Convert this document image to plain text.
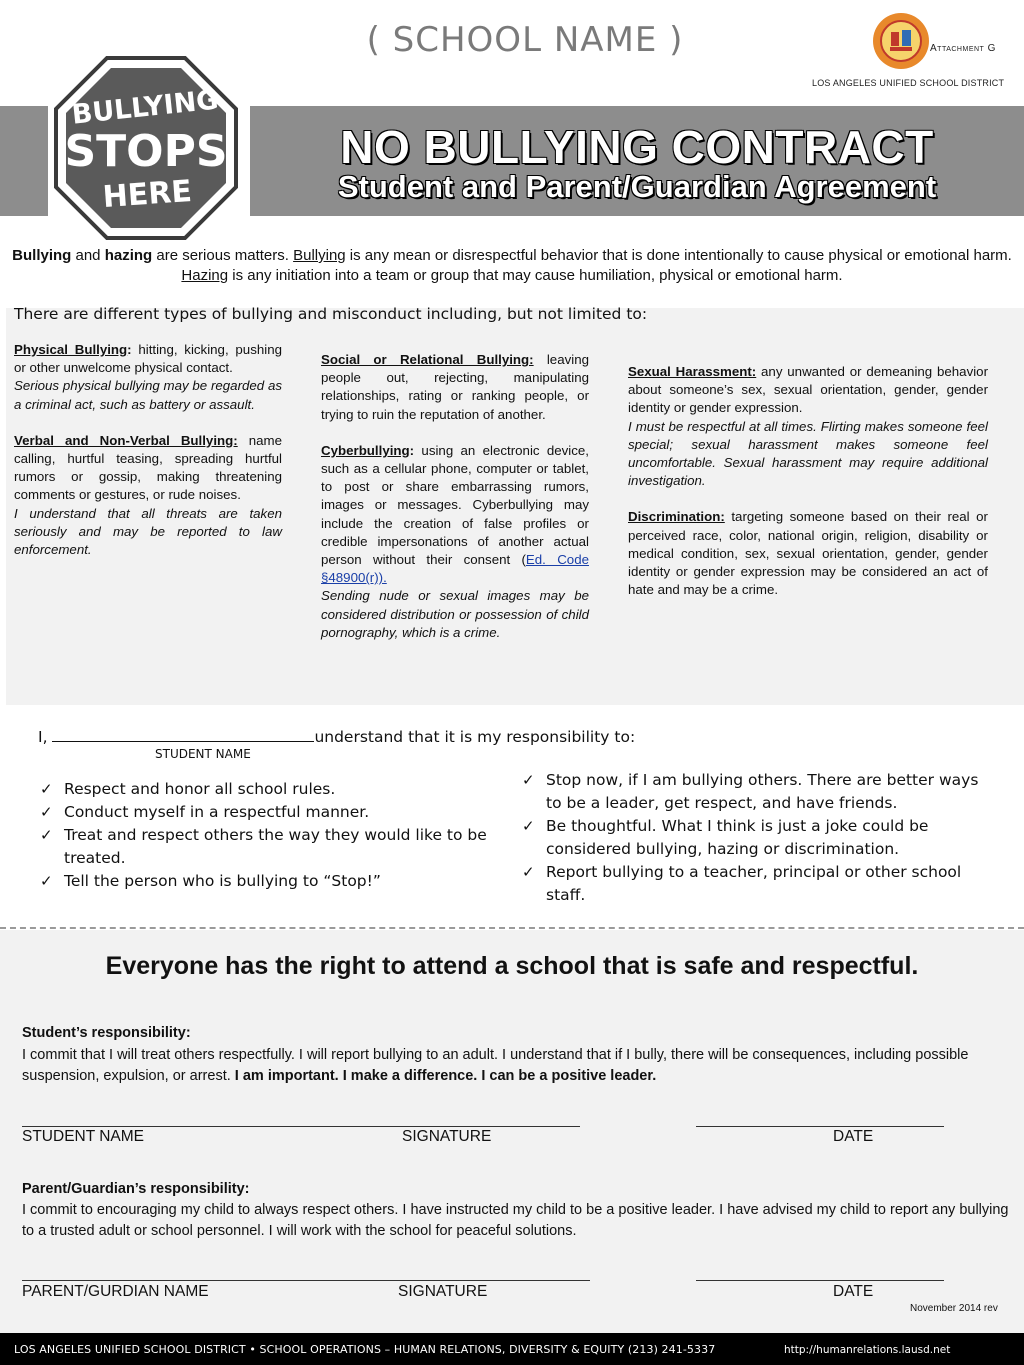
( SCHOOL NAME )	Attachment G
LOS ANGELES UNIFIED SCHOOL DISTRICT
BULLYING
STOPS
HERE
NO BULLYING CONTRACT
Student and Parent/Guardian Agreement
Bullying and hazing are serious matters. Bullying is any mean or disrespectful behavior that is done intentionally to cause physical or emotional harm. Hazing is any initiation into a team or group that may cause humiliation, physical or emotional harm.
There are different types of bullying and misconduct including, but not limited to:
Physical Bullying: hitting, kicking, pushing or other unwelcome physical contact.
Serious physical bullying may be regarded as a criminal act, such as battery or assault.
Verbal and Non-Verbal Bullying: name calling, hurtful teasing, spreading hurtful rumors or gossip, making threatening comments or gestures, or rude noises.
I understand that all threats are taken seriously and may be reported to law enforcement.
Social or Relational Bullying: leaving people out, rejecting, manipulating relationships, rating or ranking people, or trying to ruin the reputation of another.
Cyberbullying: using an electronic device, such as a cellular phone, computer or tablet, to post or share embarrassing rumors, images or messages. Cyberbullying may include the creation of false profiles or credible impersonations of another actual person without their consent (Ed. Code §48900(r)).
Sending nude or sexual images may be considered distribution or possession of child pornography, which is a crime.
Sexual Harassment: any unwanted or demeaning behavior about someone’s sex, sexual orientation, gender, gender identity or gender expression.
I must be respectful at all times. Flirting makes someone feel special; sexual harassment makes someone feel uncomfortable. Sexual harassment may require additional investigation.
Discrimination: targeting someone based on their real or perceived race, color, national origin, religion, disability or medical condition, sex, sexual orientation, gender, gender identity or gender expression may be considered an act of hate and may be a crime.
I,	understand that it is my responsibility to:
STUDENT NAME
✓ Respect and honor all school rules.
✓ Conduct myself in a respectful manner.
✓ Treat and respect others the way they would like to be treated.
✓ Tell the person who is bullying to “Stop!”
✓ Stop now, if I am bullying others. There are better ways to be a leader, get respect, and have friends.
✓ Be thoughtful. What I think is just a joke could be considered bullying, hazing or discrimination.
✓ Report bullying to a teacher, principal or other school staff.
Everyone has the right to attend a school that is safe and respectful.
Student’s responsibility:
I commit that I will treat others respectfully. I will report bullying to an adult. I understand that if I bully, there will be consequences, including possible suspension, expulsion, or arrest. I am important. I make a difference. I can be a positive leader.
STUDENT NAME	SIGNATURE	DATE
Parent/Guardian’s responsibility:
I commit to encouraging my child to always respect others. I have instructed my child to be a positive leader. I have advised my child to report any bullying to a trusted adult or school personnel. I will work with the school for peaceful solutions.
PARENT/GURDIAN NAME	SIGNATURE	DATE
November 2014 rev
LOS ANGELES UNIFIED SCHOOL DISTRICT • SCHOOL OPERATIONS – HUMAN RELATIONS, DIVERSITY & EQUITY (213) 241-5337	http://humanrelations.lausd.net
